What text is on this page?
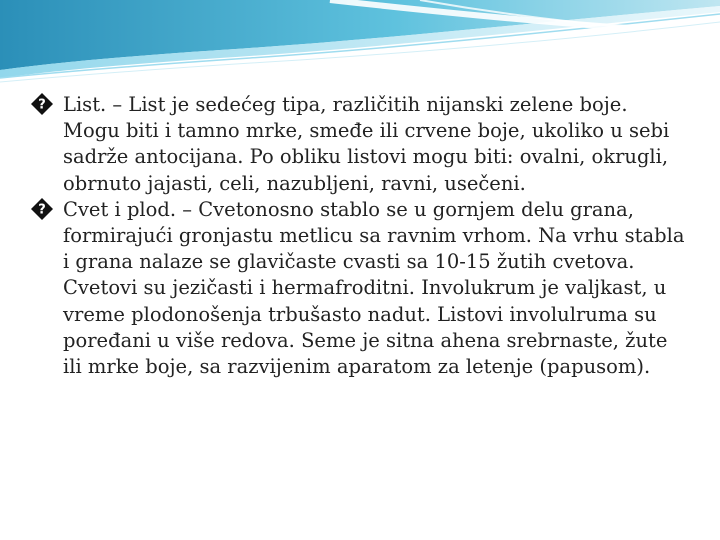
? List. – List je sedećeg tipa, različitih nijanski zelene boje. Mogu biti i tamno mrke, smeđe ili crvene boje, ukoliko u sebi sadrže antocijana. Po obliku listovi mogu biti: ovalni, okrugli, obrnuto jajasti, celi, nazubljeni, ravni, usečeni.

? Cvet i plod. – Cvetonosno stablo se u gornjem delu grana, formirajući gronjastu metlicu sa ravnim vrhom. Na vrhu stabla i grana nalaze se glavičaste cvasti sa 10-15 žutih cvetova. Cvetovi su jezičasti i hermafroditni. Involukrum je valjkast, u vreme plodonošenja trbušasto nadut. Listovi involulruma su poređani u više redova. Seme je sitna ahena srebrnaste, žute ili mrke boje, sa razvijenim aparatom za letenje (papusom).
